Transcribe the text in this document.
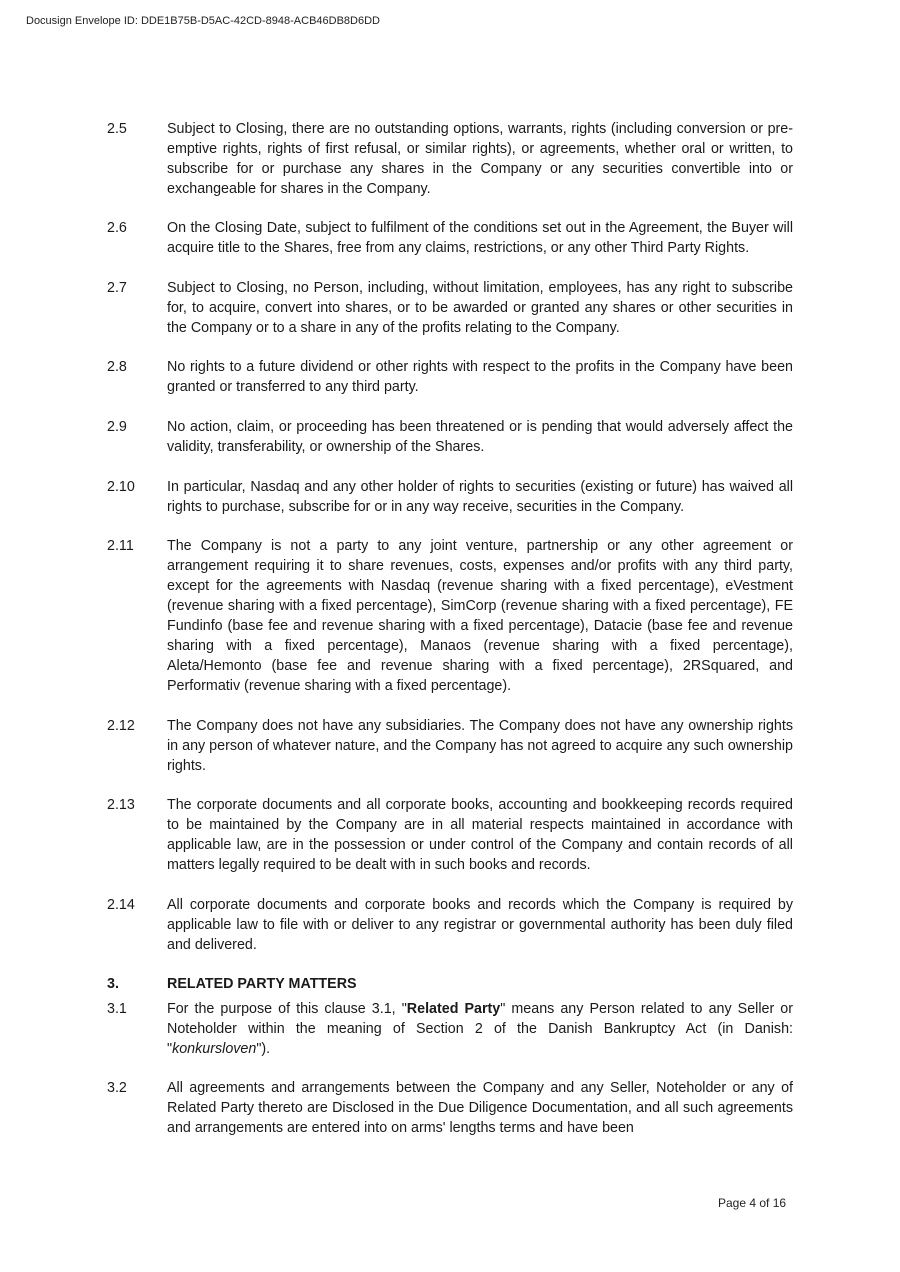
Docusign Envelope ID: DDE1B75B-D5AC-42CD-8948-ACB46DB8D6DD
2.5	Subject to Closing, there are no outstanding options, warrants, rights (including conversion or pre-emptive rights, rights of first refusal, or similar rights), or agreements, whether oral or written, to subscribe for or purchase any shares in the Company or any securities convertible into or exchangeable for shares in the Company.
2.6	On the Closing Date, subject to fulfilment of the conditions set out in the Agreement, the Buyer will acquire title to the Shares, free from any claims, restrictions, or any other Third Party Rights.
2.7	Subject to Closing, no Person, including, without limitation, employees, has any right to subscribe for, to acquire, convert into shares, or to be awarded or granted any shares or other securities in the Company or to a share in any of the profits relating to the Company.
2.8	No rights to a future dividend or other rights with respect to the profits in the Company have been granted or transferred to any third party.
2.9	No action, claim, or proceeding has been threatened or is pending that would adversely affect the validity, transferability, or ownership of the Shares.
2.10 In particular, Nasdaq and any other holder of rights to securities (existing or future) has waived all rights to purchase, subscribe for or in any way receive, securities in the Company.
2.11 The Company is not a party to any joint venture, partnership or any other agreement or arrangement requiring it to share revenues, costs, expenses and/or profits with any third party, except for the agreements with Nasdaq (revenue sharing with a fixed percentage), eVestment (revenue sharing with a fixed percentage), SimCorp (revenue sharing with a fixed percentage), FE Fundinfo (base fee and revenue sharing with a fixed percentage), Datacie (base fee and revenue sharing with a fixed percentage), Manaos (revenue sharing with a fixed percentage), Aleta/Hemonto (base fee and revenue sharing with a fixed percentage), 2RSquared, and Performativ (revenue sharing with a fixed percentage).
2.12 The Company does not have any subsidiaries. The Company does not have any ownership rights in any person of whatever nature, and the Company has not agreed to acquire any such ownership rights.
2.13 The corporate documents and all corporate books, accounting and bookkeeping records required to be maintained by the Company are in all material respects maintained in accordance with applicable law, are in the possession or under control of the Company and contain records of all matters legally required to be dealt with in such books and records.
2.14 All corporate documents and corporate books and records which the Company is required by applicable law to file with or deliver to any registrar or governmental authority has been duly filed and delivered.
3.	RELATED PARTY MATTERS
3.1	For the purpose of this clause 3.1, "Related Party" means any Person related to any Seller or Noteholder within the meaning of Section 2 of the Danish Bankruptcy Act (in Danish: "konkursloven").
3.2	All agreements and arrangements between the Company and any Seller, Noteholder or any of Related Party thereto are Disclosed in the Due Diligence Documentation, and all such agreements and arrangements are entered into on arms' lengths terms and have been
Page 4 of 16
